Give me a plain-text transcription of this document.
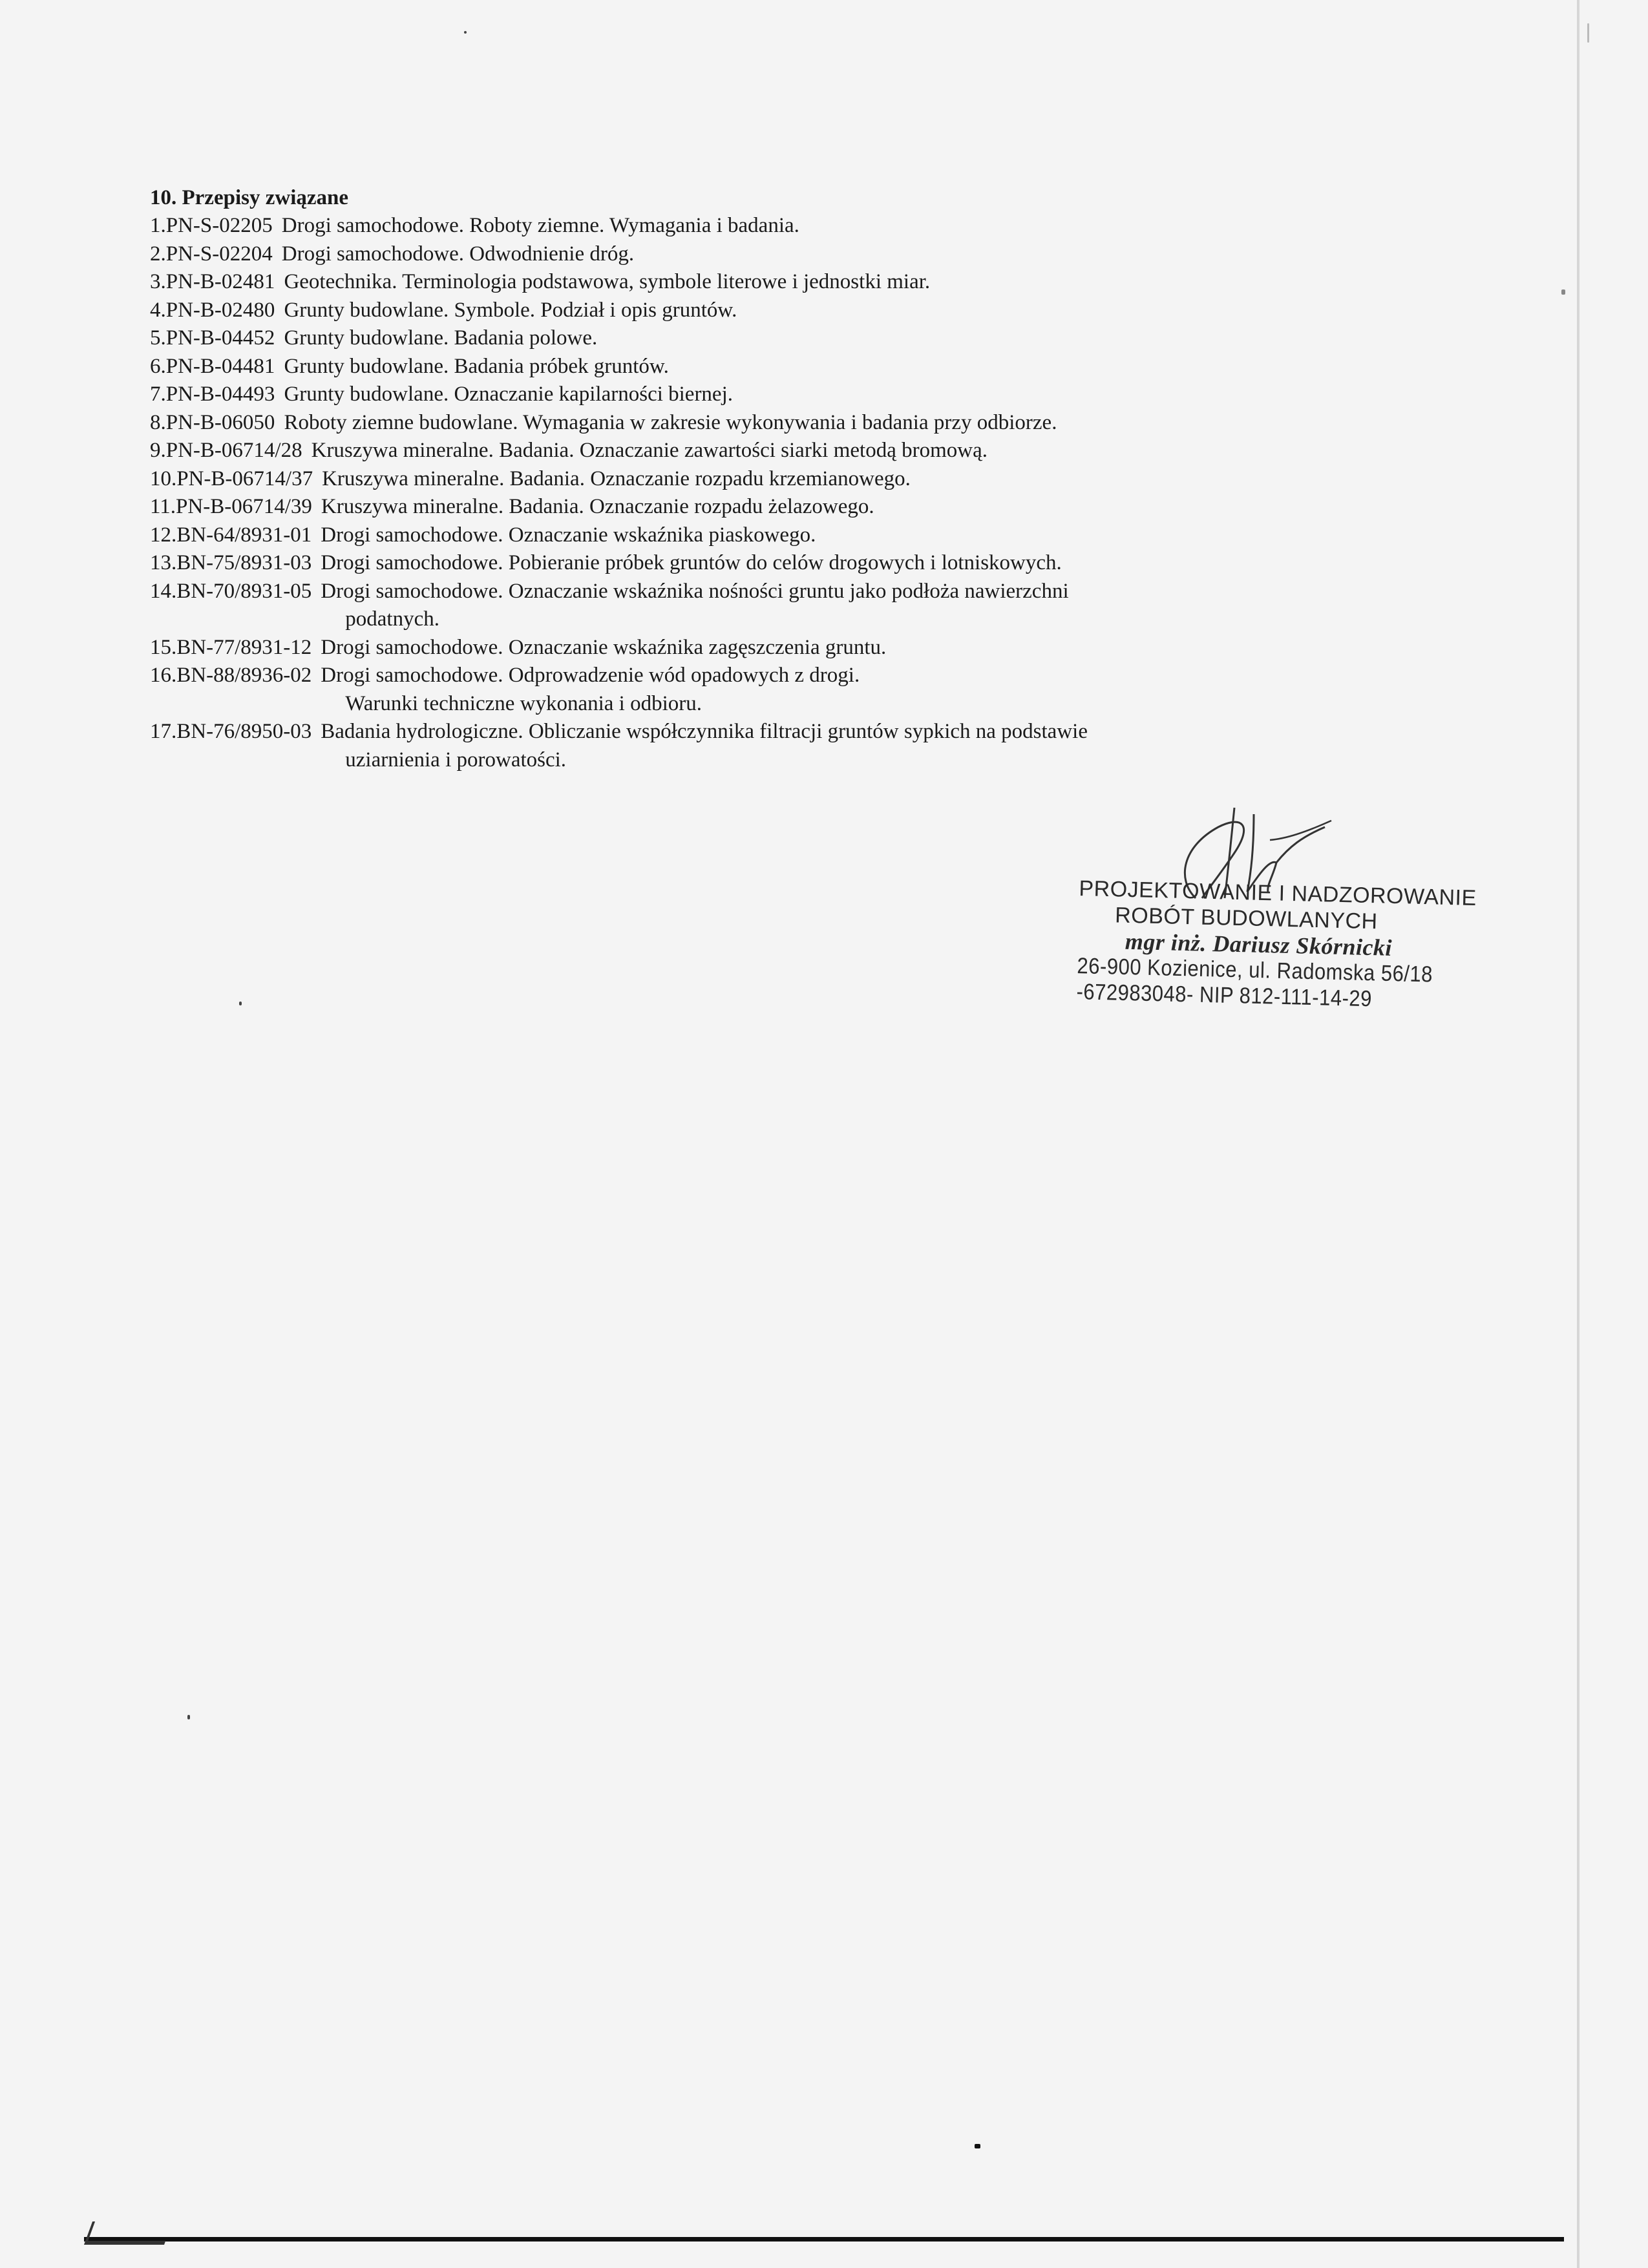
10. Przepisy związane
1.PN-S-02205 Drogi samochodowe. Roboty ziemne. Wymagania i badania.
2.PN-S-02204 Drogi samochodowe. Odwodnienie dróg.
3.PN-B-02481 Geotechnika. Terminologia podstawowa, symbole literowe i jednostki miar.
4.PN-B-02480 Grunty budowlane. Symbole. Podział i opis gruntów.
5.PN-B-04452 Grunty budowlane. Badania polowe.
6.PN-B-04481 Grunty budowlane. Badania próbek gruntów.
7.PN-B-04493 Grunty budowlane. Oznaczanie kapilarności biernej.
8.PN-B-06050 Roboty ziemne budowlane. Wymagania w zakresie wykonywania i badania przy odbiorze.
9.PN-B-06714/28 Kruszywa mineralne. Badania. Oznaczanie zawartości siarki metodą bromową.
10.PN-B-06714/37 Kruszywa mineralne. Badania. Oznaczanie rozpadu krzemianowego.
11.PN-B-06714/39 Kruszywa mineralne. Badania. Oznaczanie rozpadu żelazowego.
12.BN-64/8931-01 Drogi samochodowe. Oznaczanie wskaźnika piaskowego.
13.BN-75/8931-03 Drogi samochodowe. Pobieranie próbek gruntów do celów drogowych i lotniskowych.
14.BN-70/8931-05 Drogi samochodowe. Oznaczanie wskaźnika nośności gruntu jako podłoża nawierzchni
podatnych.
15.BN-77/8931-12 Drogi samochodowe. Oznaczanie wskaźnika zagęszczenia gruntu.
16.BN-88/8936-02 Drogi samochodowe. Odprowadzenie wód opadowych z drogi.
Warunki techniczne wykonania i odbioru.
17.BN-76/8950-03 Badania hydrologiczne. Obliczanie współczynnika filtracji gruntów sypkich na podstawie
uziarnienia i porowatości.
PROJEKTOWANIE I NADZOROWANIE
ROBÓT BUDOWLANYCH
mgr inż. Dariusz Skórnicki
26-900 Kozienice, ul. Radomska 56/18
-672983048- NIP 812-111-14-29
